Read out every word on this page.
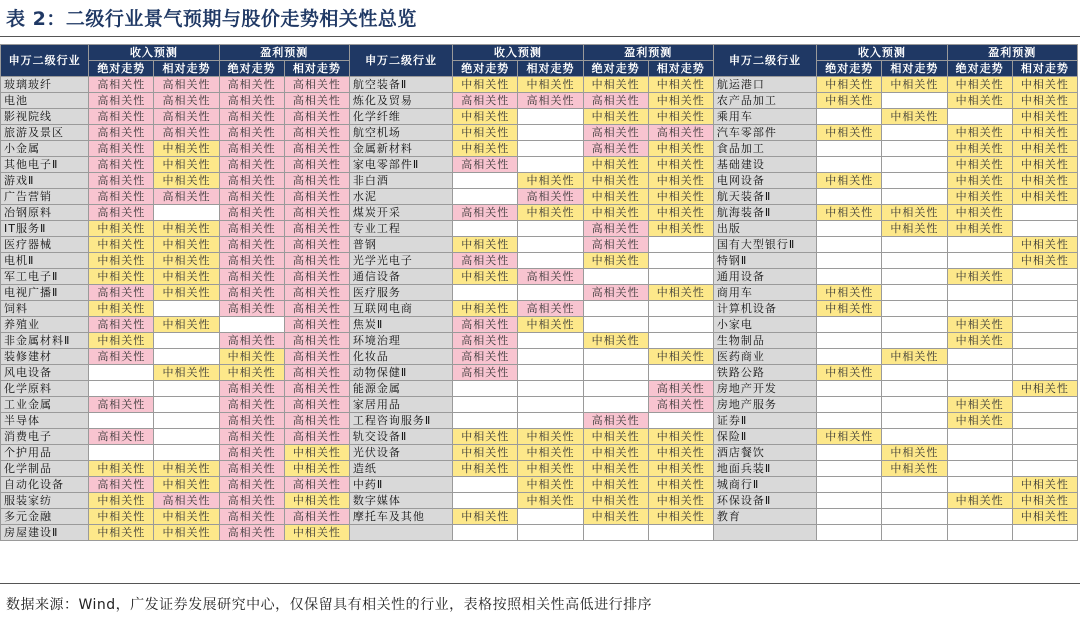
表 2：二级行业景气预期与股价走势相关性总览
申万二级行业	收入预测		盈利预测		申万二级行业	收入预测		盈利预测		申万二级行业	收入预测		盈利预测	
	绝对走势	相对走势	绝对走势	相对走势		绝对走势	相对走势	绝对走势	相对走势		绝对走势	相对走势	绝对走势	相对走势
玻璃玻纤	高相关性	高相关性	高相关性	高相关性	航空装备Ⅱ	中相关性	中相关性	中相关性	中相关性	航运港口	中相关性	中相关性	中相关性	中相关性
电池	高相关性	高相关性	高相关性	高相关性	炼化及贸易	高相关性	高相关性	高相关性	中相关性	农产品加工	中相关性		中相关性	中相关性
影视院线	高相关性	高相关性	高相关性	高相关性	化学纤维	中相关性		中相关性	中相关性	乘用车		中相关性		中相关性
旅游及景区	高相关性	高相关性	高相关性	高相关性	航空机场	中相关性		高相关性	高相关性	汽车零部件	中相关性		中相关性	中相关性
小金属	高相关性	中相关性	高相关性	高相关性	金属新材料	中相关性		高相关性	中相关性	食品加工			中相关性	中相关性
其他电子Ⅱ	高相关性	中相关性	高相关性	高相关性	家电零部件Ⅱ	高相关性		中相关性	中相关性	基础建设			中相关性	中相关性
游戏Ⅱ	高相关性	中相关性	高相关性	高相关性	非白酒		中相关性	中相关性	中相关性	电网设备	中相关性		中相关性	中相关性
广告营销	高相关性	高相关性	高相关性	高相关性	水泥		高相关性	中相关性	中相关性	航天装备Ⅱ			中相关性	中相关性
冶钢原料	高相关性		高相关性	高相关性	煤炭开采	高相关性	中相关性	中相关性	中相关性	航海装备Ⅱ	中相关性	中相关性	中相关性	
IT服务Ⅱ	中相关性	中相关性	高相关性	高相关性	专业工程			高相关性	中相关性	出版		中相关性	中相关性	
医疗器械	中相关性	中相关性	高相关性	高相关性	普钢	中相关性		高相关性		国有大型银行Ⅱ				中相关性
电机Ⅱ	中相关性	中相关性	高相关性	高相关性	光学光电子	高相关性		中相关性		特钢Ⅱ				中相关性
军工电子Ⅱ	中相关性	中相关性	高相关性	高相关性	通信设备	中相关性	高相关性			通用设备			中相关性	
电视广播Ⅱ	高相关性	中相关性	高相关性	高相关性	医疗服务			高相关性	中相关性	商用车	中相关性			
饲料	中相关性		高相关性	高相关性	互联网电商	中相关性	高相关性			计算机设备	中相关性			
养殖业	高相关性	中相关性		高相关性	焦炭Ⅱ	高相关性	中相关性			小家电			中相关性	
非金属材料Ⅱ	中相关性		高相关性	高相关性	环境治理	高相关性		中相关性		生物制品			中相关性	
装修建材	高相关性		中相关性	高相关性	化妆品	高相关性			中相关性	医药商业		中相关性		
风电设备		中相关性	中相关性	高相关性	动物保健Ⅱ	高相关性				铁路公路	中相关性			
化学原料			高相关性	高相关性	能源金属				高相关性	房地产开发				中相关性
工业金属	高相关性		高相关性	高相关性	家居用品				高相关性	房地产服务			中相关性	
半导体			高相关性	高相关性	工程咨询服务Ⅱ			高相关性		证券Ⅱ			中相关性	
消费电子	高相关性		高相关性	高相关性	轨交设备Ⅱ	中相关性	中相关性	中相关性	中相关性	保险Ⅱ	中相关性			
个护用品			高相关性	中相关性	光伏设备	中相关性	中相关性	中相关性	中相关性	酒店餐饮		中相关性		
化学制品	中相关性	中相关性	高相关性	中相关性	造纸	中相关性	中相关性	中相关性	中相关性	地面兵装Ⅱ		中相关性		
自动化设备	高相关性	中相关性	高相关性	高相关性	中药Ⅱ		中相关性	中相关性	中相关性	城商行Ⅱ				中相关性
服装家纺	中相关性	高相关性	高相关性	中相关性	数字媒体		中相关性	中相关性	中相关性	环保设备Ⅱ			中相关性	中相关性
多元金融	中相关性	中相关性	高相关性	高相关性	摩托车及其他	中相关性		中相关性	中相关性	教育				中相关性
房屋建设Ⅱ	中相关性	中相关性	高相关性	中相关性										
数据来源：Wind，广发证券发展研究中心，仅保留具有相关性的行业，表格按照相关性高低进行排序
